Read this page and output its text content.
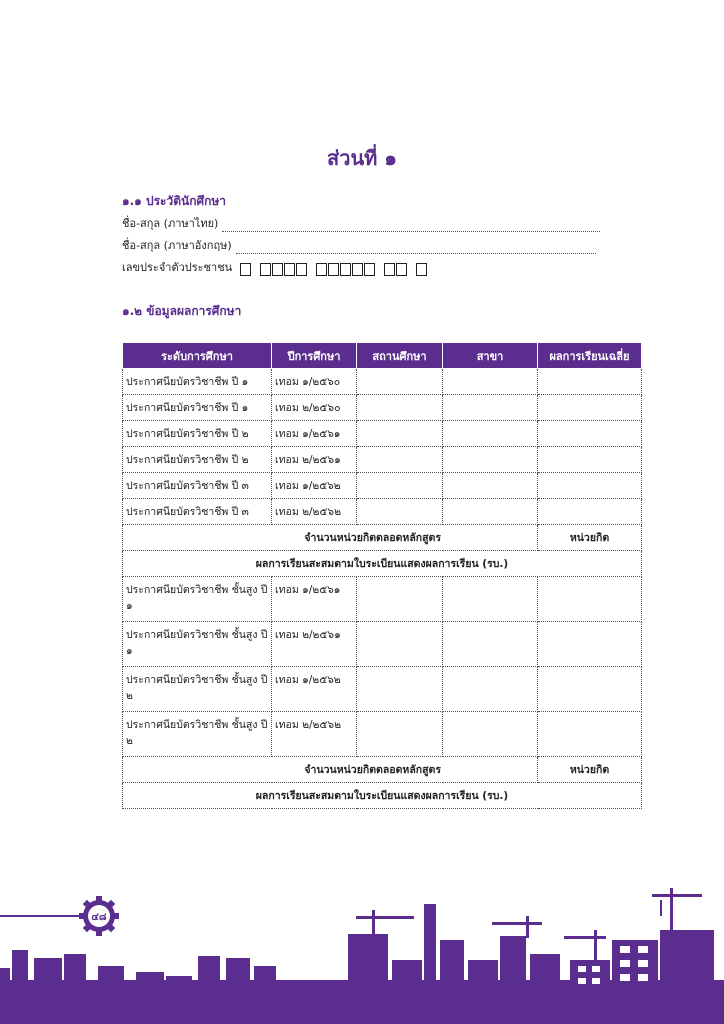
ส่วนที่ ๑
๑.๑ ประวัตินักศึกษา
ชื่อ-สกุล (ภาษาไทย)
ชื่อ-สกุล (ภาษาอังกฤษ)
เลขประจำตัวประชาชน
๑.๒ ข้อมูลผลการศึกษา
ระดับการศึกษา	ปีการศึกษา	สถานศึกษา	สาขา	ผลการเรียนเฉลี่ย
ประกาศนียบัตรวิชาชีพ ปี ๑	เทอม ๑/๒๕๖๐			
ประกาศนียบัตรวิชาชีพ ปี ๑	เทอม ๒/๒๕๖๐			
ประกาศนียบัตรวิชาชีพ ปี ๒	เทอม ๑/๒๕๖๑			
ประกาศนียบัตรวิชาชีพ ปี ๒	เทอม ๒/๒๕๖๑			
ประกาศนียบัตรวิชาชีพ ปี ๓	เทอม ๑/๒๕๖๒			
ประกาศนียบัตรวิชาชีพ ปี ๓	เทอม ๒/๒๕๖๒			
จำนวนหน่วยกิตตลอดหลักสูตร				หน่วยกิต
ผลการเรียนสะสมตามใบระเบียนแสดงผลการเรียน (รบ.)				
ประกาศนียบัตรวิชาชีพ ชั้นสูง ปี ๑	เทอม ๑/๒๕๖๑			
ประกาศนียบัตรวิชาชีพ ชั้นสูง ปี ๑	เทอม ๒/๒๕๖๑			
ประกาศนียบัตรวิชาชีพ ชั้นสูง ปี ๒	เทอม ๑/๒๕๖๒			
ประกาศนียบัตรวิชาชีพ ชั้นสูง ปี ๒	เทอม ๒/๒๕๖๒			
จำนวนหน่วยกิตตลอดหลักสูตร				หน่วยกิต
ผลการเรียนสะสมตามใบระเบียนแสดงผลการเรียน (รบ.)				
๔๘
